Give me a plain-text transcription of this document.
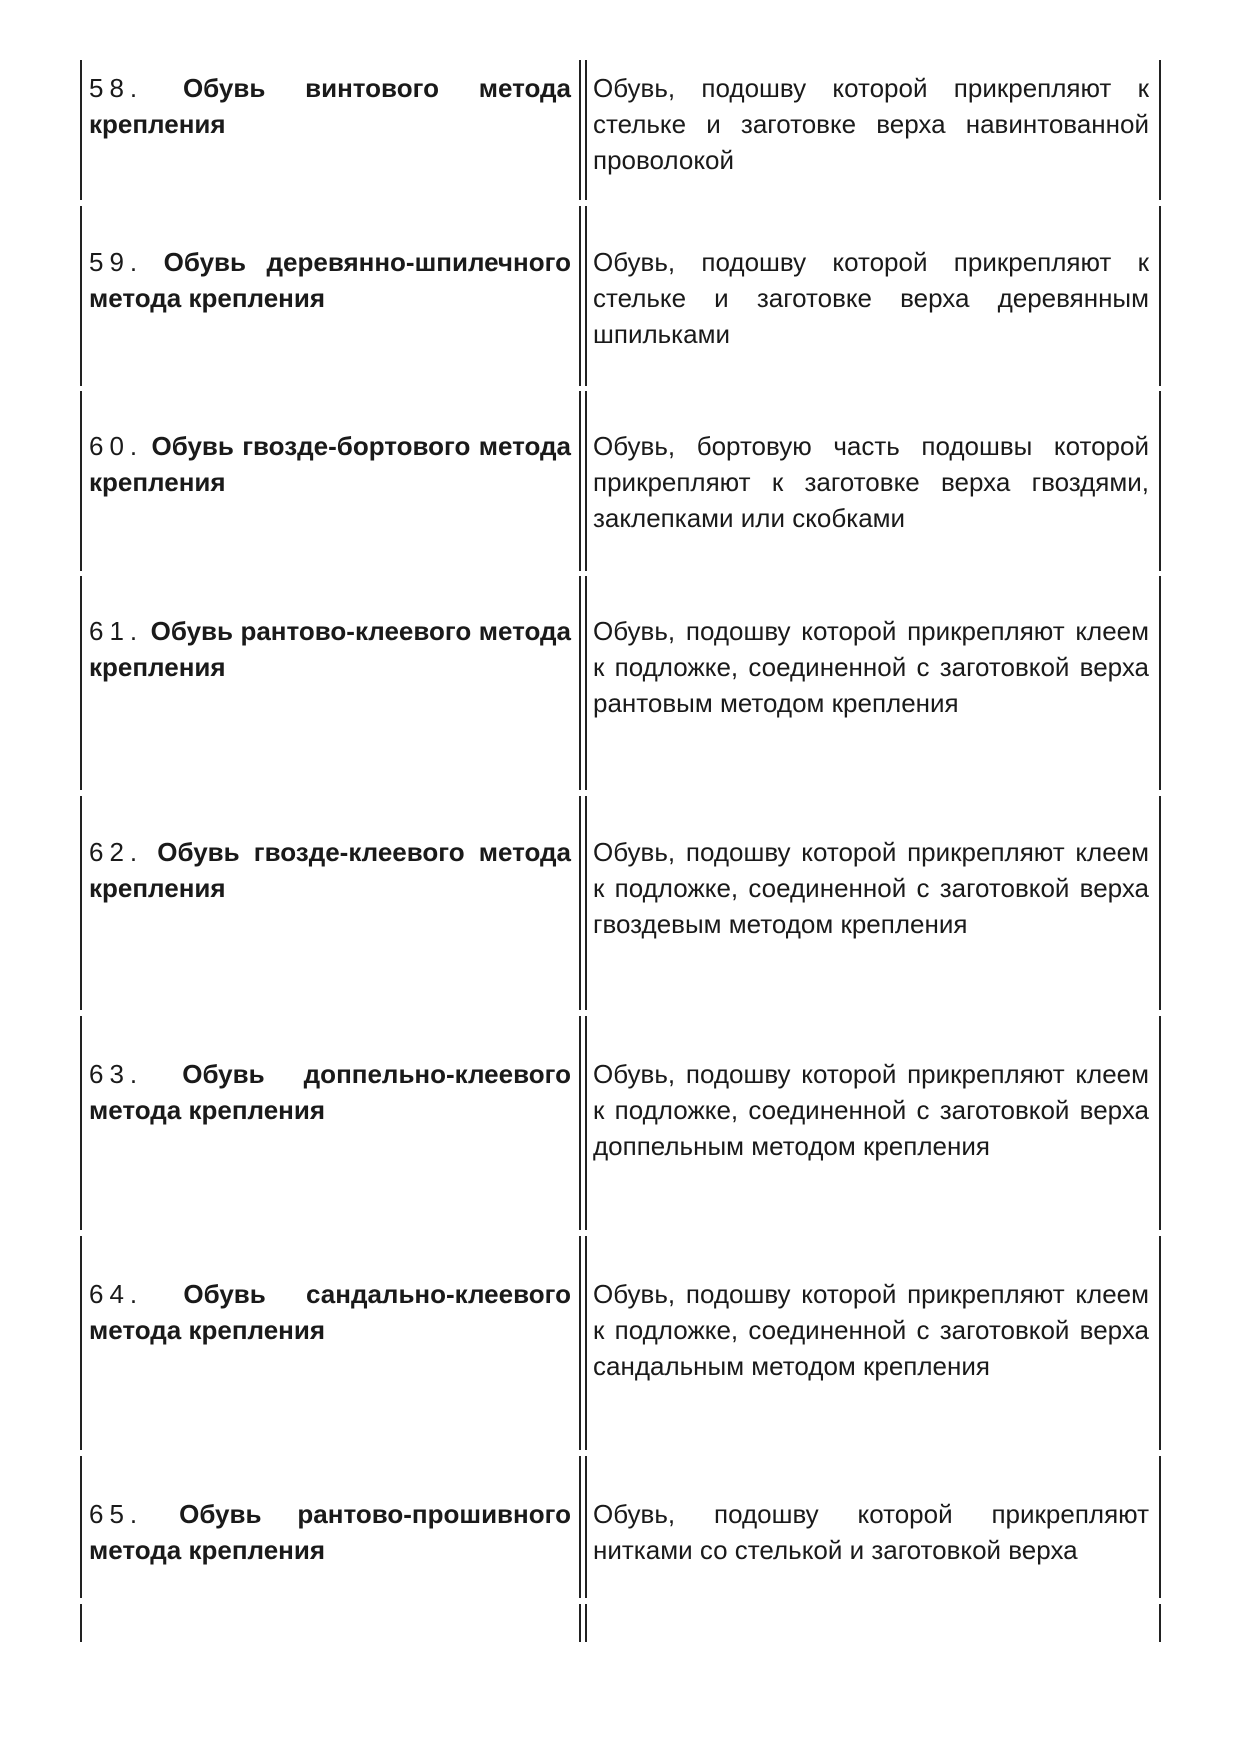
58. Обувь винтового метода крепления
Обувь, подошву которой прикрепляют к стельке и заготовке верха навинтованной проволокой
59. Обувь деревянно-шпилечного метода крепления
Обувь, подошву которой прикрепляют к стельке и заготовке верха деревянным шпильками
60. Обувь гвозде-бортового метода крепления
Обувь, бортовую часть подошвы которой прикрепляют к заготовке верха гвоздями, заклепками или скобками
61. Обувь рантово-клеевого метода крепления
Обувь, подошву которой прикрепляют клеем к подложке, соединенной с заготовкой верха рантовым методом крепления
62. Обувь гвозде-клеевого метода крепления
Обувь, подошву которой прикрепляют клеем к подложке, соединенной с заготовкой верха гвоздевым методом крепления
63. Обувь доппельно-клеевого метода крепления
Обувь, подошву которой прикрепляют клеем к подложке, соединенной с заготовкой верха доппельным методом крепления
64. Обувь сандально-клеевого метода крепления
Обувь, подошву которой прикрепляют клеем к подложке, соединенной с заготовкой верха сандальным методом крепления
65. Обувь рантово-прошивного метода крепления
Обувь, подошву которой прикрепляют нитками со стелькой и заготовкой верха
